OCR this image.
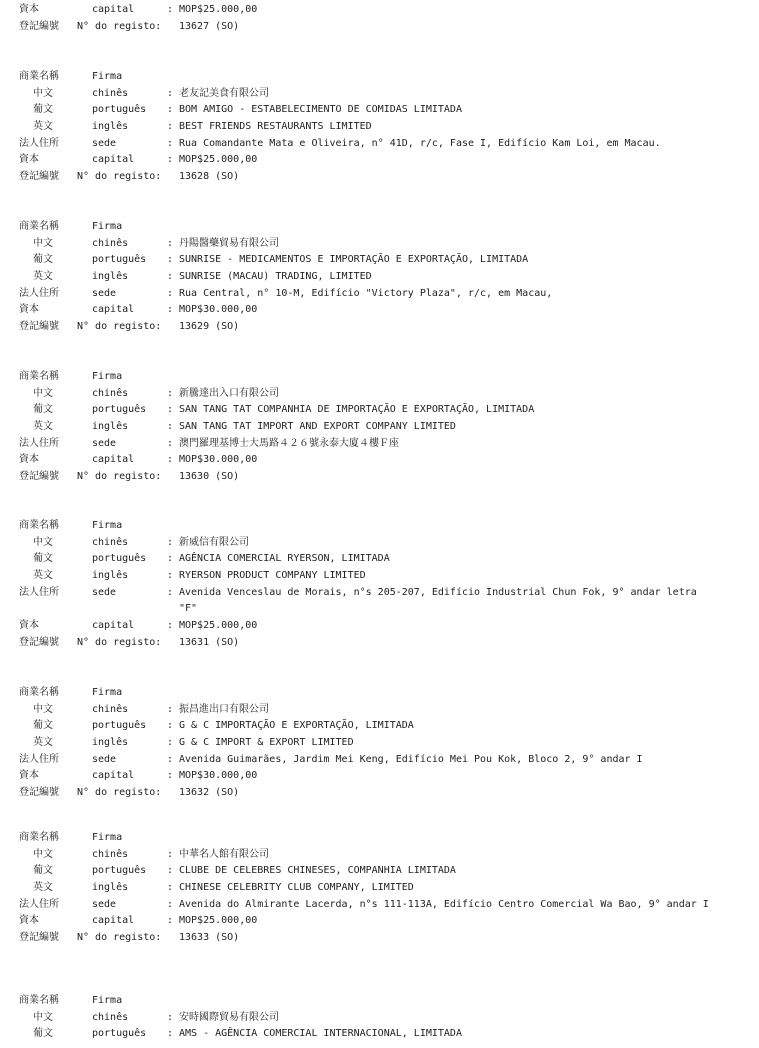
資本	capital	: MOP$25.000,00
登記編號	N° do registo: 13627 (SO)
商業名稱	Firma
中文	chinês	: 老友記美食有限公司
葡文	português : BOM AMIGO - ESTABELECIMENTO DE COMIDAS LIMITADA
英文	inglês	: BEST FRIENDS RESTAURANTS LIMITED
法人住所	sede	: Rua Comandante Mata e Oliveira, n° 41D, r/c, Fase I, Edifício Kam Loi, em Macau.
資本	capital	: MOP$25.000,00
登記編號	N° do registo: 13628 (SO)
商業名稱	Firma
中文	chinês	: 丹陽醫藥貿易有限公司
葡文	português : SUNRISE - MEDICAMENTOS E IMPORTAÇÃO E EXPORTAÇÃO, LIMITADA
英文	inglês	: SUNRISE (MACAU) TRADING, LIMITED
法人住所	sede	: Rua Central, n° 10-M, Edifício "Victory Plaza", r/c, em Macau,
資本	capital	: MOP$30.000,00
登記編號	N° do registo: 13629 (SO)
商業名稱	Firma
中文	chinês	: 新騰達出入口有限公司
葡文	português : SAN TANG TAT COMPANHIA DE IMPORTAÇÃO E EXPORTAÇÃO, LIMITADA
英文	inglês	: SAN TANG TAT IMPORT AND EXPORT COMPANY LIMITED
法人住所	sede	: 澳門羅理基博士大馬路４２６號永泰大廈４樓Ｆ座
資本	capital	: MOP$30.000,00
登記編號	N° do registo: 13630 (SO)
商業名稱	Firma
中文	chinês	: 新威信有限公司
葡文	português : AGÊNCIA COMERCIAL RYERSON, LIMITADA
英文	inglês	: RYERSON PRODUCT COMPANY LIMITED
法人住所	sede	: Avenida Venceslau de Morais, n°s 205-207, Edifício Industrial Chun Fok, 9° andar letra "F"
資本	capital	: MOP$25.000,00
登記編號	N° do registo: 13631 (SO)
商業名稱	Firma
中文	chinês	: 振昌進出口有限公司
葡文	português : G & C IMPORTAÇÃO E EXPORTAÇÃO, LIMITADA
英文	inglês	: G & C IMPORT & EXPORT LIMITED
法人住所	sede	: Avenida Guimarães, Jardim Mei Keng, Edifício Mei Pou Kok, Bloco 2, 9° andar I
資本	capital	: MOP$30.000,00
登記編號	N° do registo: 13632 (SO)
商業名稱	Firma
中文	chinês	: 中華名人館有限公司
葡文	português : CLUBE DE CELEBRES CHINESES, COMPANHIA LIMITADA
英文	inglês	: CHINESE CELEBRITY CLUB COMPANY, LIMITED
法人住所	sede	: Avenida do Almirante Lacerda, n°s 111-113A, Edifício Centro Comercial Wa Bao, 9° andar I
資本	capital	: MOP$25.000,00
登記編號	N° do registo: 13633 (SO)
商業名稱	Firma
中文	chinês	: 安時國際貿易有限公司
葡文	português : AMS - AGÊNCIA COMERCIAL INTERNACIONAL, LIMITADA
